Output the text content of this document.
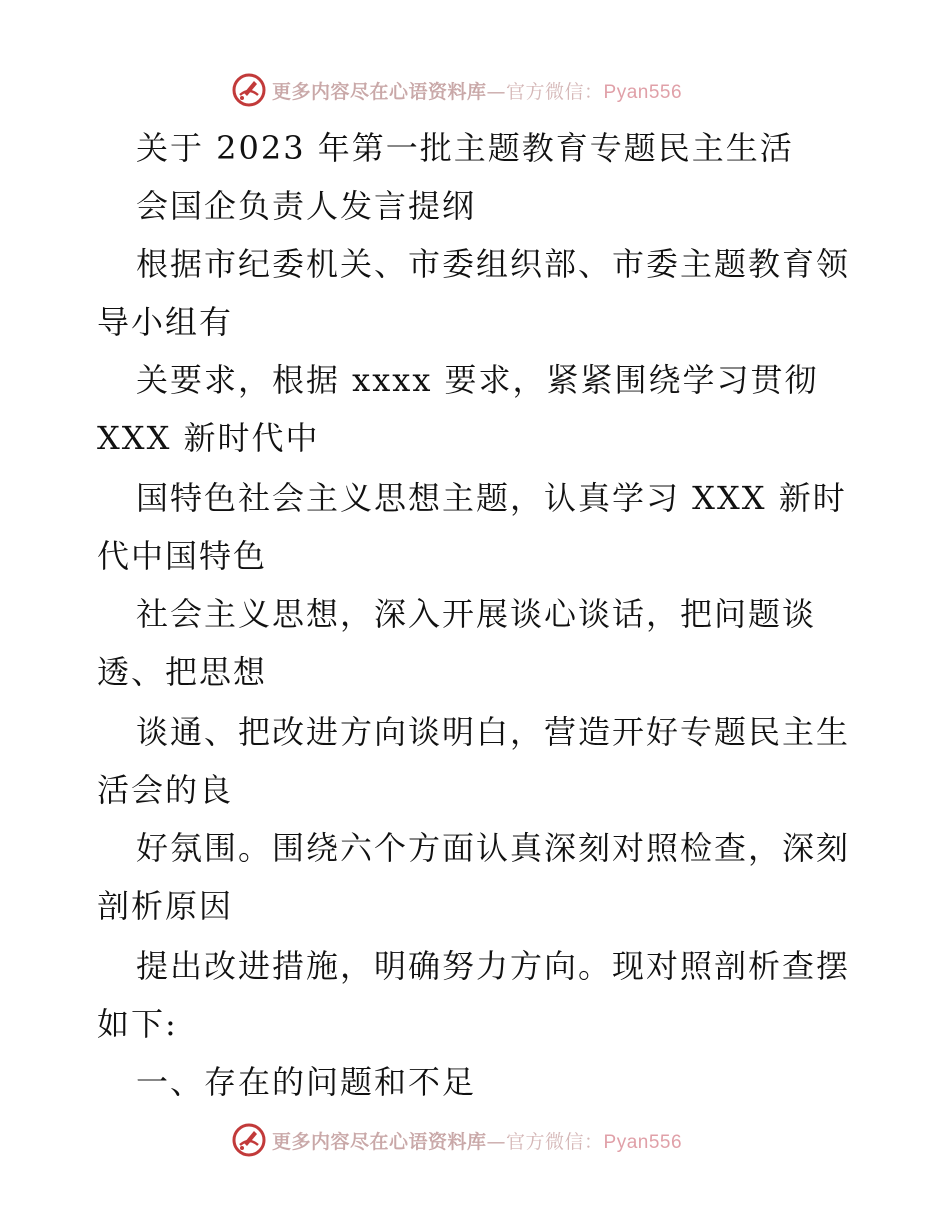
更多内容尽在心语资料库—官方微信：Pyan556
关于 2023 年第一批主题教育专题民主生活
会国企负责人发言提纲
根据市纪委机关、市委组织部、市委主题教育领
导小组有
关要求，根据 xxxx 要求，紧紧围绕学习贯彻
XXX 新时代中
国特色社会主义思想主题，认真学习 XXX 新时
代中国特色
社会主义思想，深入开展谈心谈话，把问题谈
透、把思想
谈通、把改进方向谈明白，营造开好专题民主生
活会的良
好氛围。围绕六个方面认真深刻对照检查，深刻
剖析原因
提出改进措施，明确努力方向。现对照剖析查摆
如下:
一、存在的问题和不足
更多内容尽在心语资料库—官方微信：Pyan556
